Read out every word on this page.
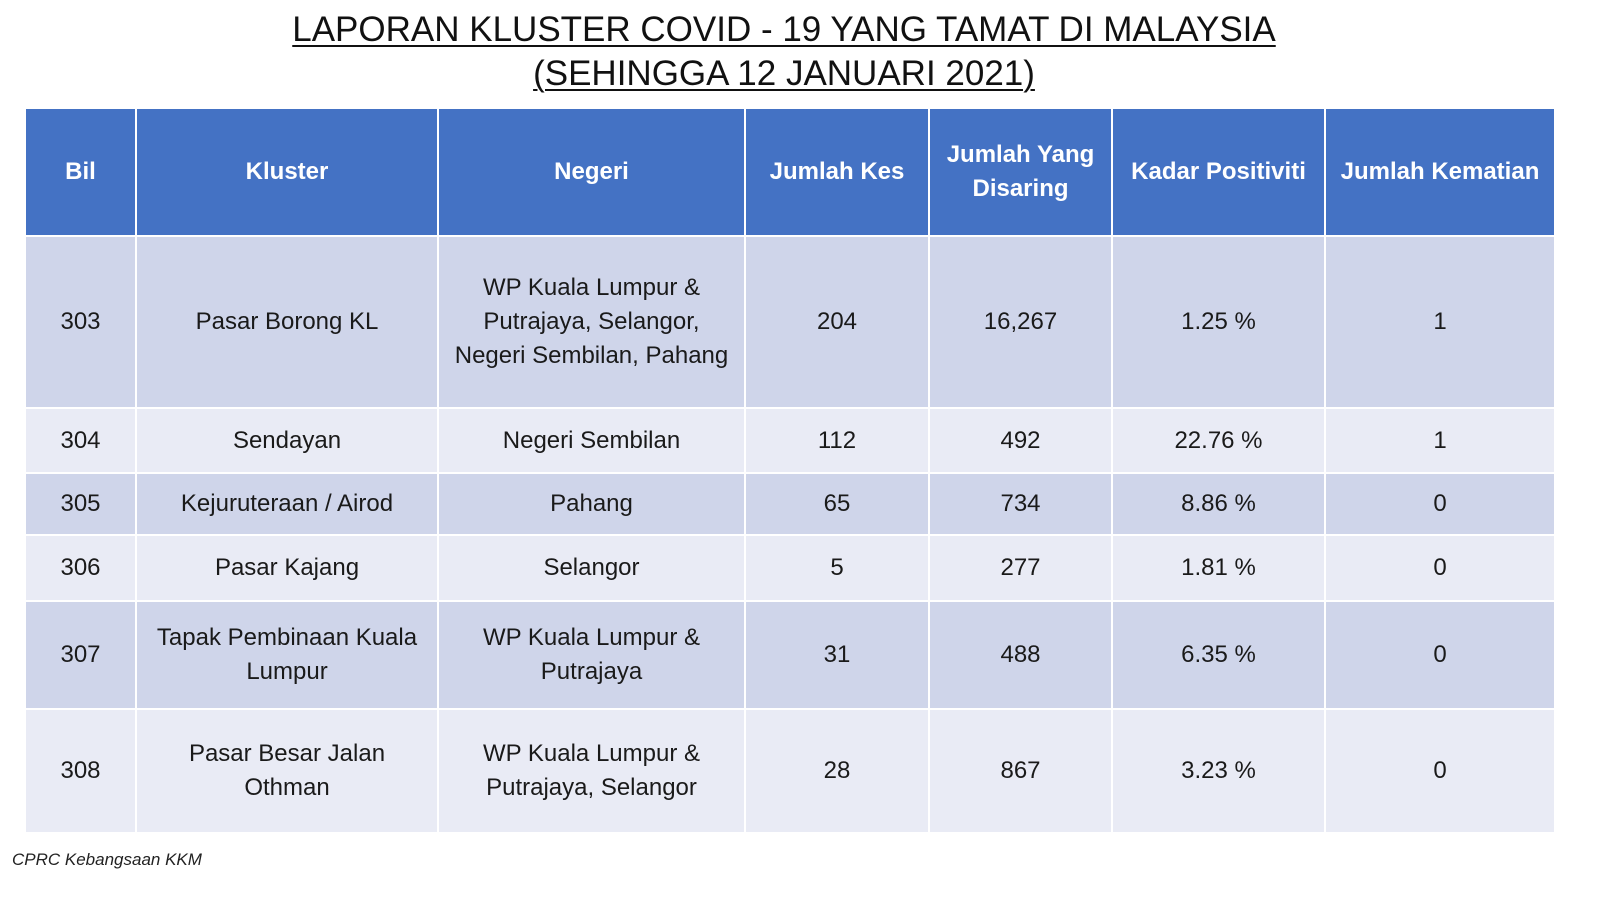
LAPORAN KLUSTER COVID - 19 YANG TAMAT DI MALAYSIA
(SEHINGGA 12 JANUARI 2021)
Bil	Kluster	Negeri	Jumlah Kes	Jumlah Yang Disaring	Kadar Positiviti	Jumlah Kematian
303	Pasar Borong KL	WP Kuala Lumpur & Putrajaya, Selangor, Negeri Sembilan, Pahang	204	16,267	1.25 %	1
304	Sendayan	Negeri Sembilan	112	492	22.76 %	1
305	Kejuruteraan / Airod	Pahang	65	734	8.86 %	0
306	Pasar Kajang	Selangor	5	277	1.81 %	0
307	Tapak Pembinaan Kuala Lumpur	WP Kuala Lumpur & Putrajaya	31	488	6.35 %	0
308	Pasar Besar Jalan Othman	WP Kuala Lumpur & Putrajaya, Selangor	28	867	3.23 %	0
CPRC Kebangsaan KKM
